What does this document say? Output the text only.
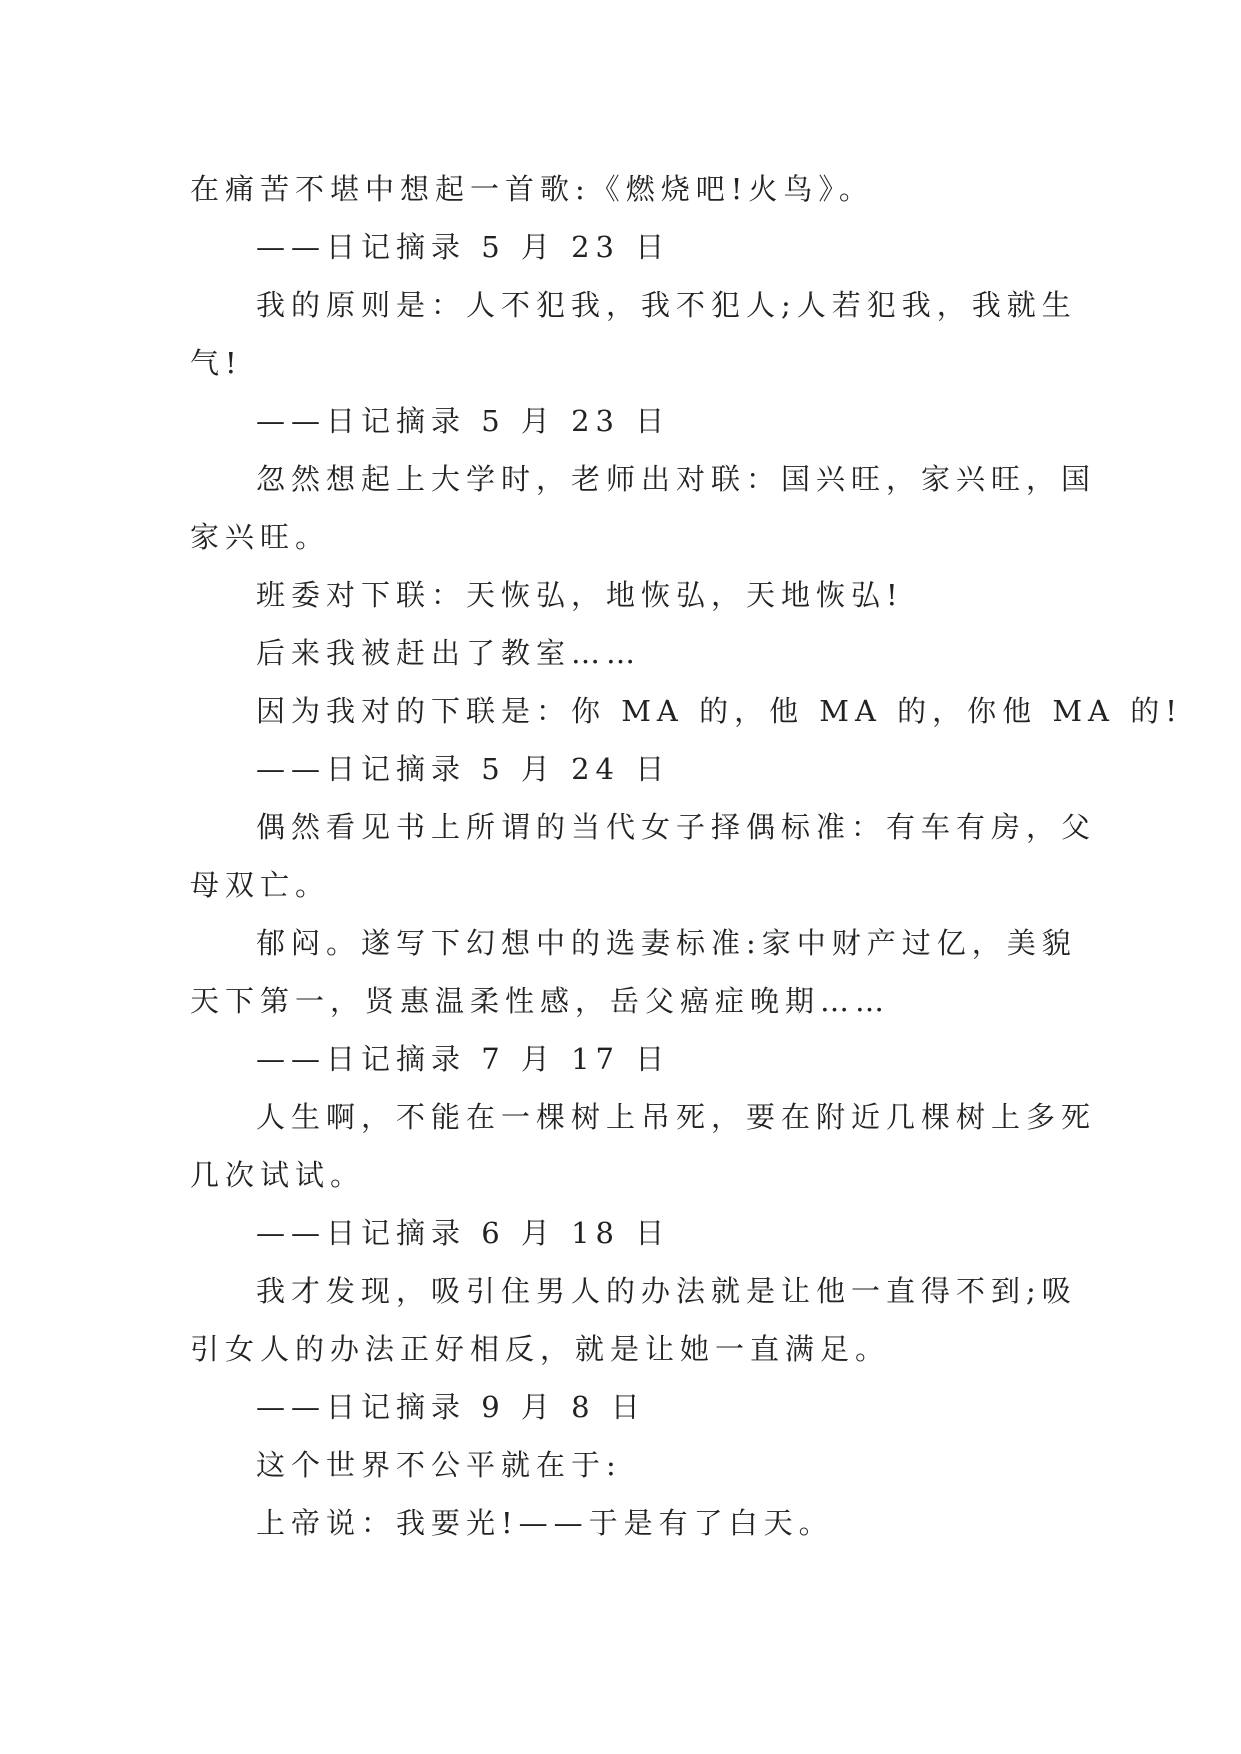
在痛苦不堪中想起一首歌:《燃烧吧!火鸟》。
——日记摘录 5 月 23 日
我的原则是：人不犯我，我不犯人;人若犯我，我就生
气!
——日记摘录 5 月 23 日
忽然想起上大学时，老师出对联：国兴旺，家兴旺，国
家兴旺。
班委对下联：天恢弘，地恢弘，天地恢弘!
后来我被赶出了教室……
因为我对的下联是：你 MA 的，他 MA 的，你他 MA 的!
——日记摘录 5 月 24 日
偶然看见书上所谓的当代女子择偶标准：有车有房，父
母双亡。
郁闷。遂写下幻想中的选妻标准:家中财产过亿，美貌
天下第一，贤惠温柔性感，岳父癌症晚期……
——日记摘录 7 月 17 日
人生啊，不能在一棵树上吊死，要在附近几棵树上多死
几次试试。
——日记摘录 6 月 18 日
我才发现，吸引住男人的办法就是让他一直得不到;吸
引女人的办法正好相反，就是让她一直满足。
——日记摘录 9 月 8 日
这个世界不公平就在于:
上帝说：我要光!——于是有了白天。
